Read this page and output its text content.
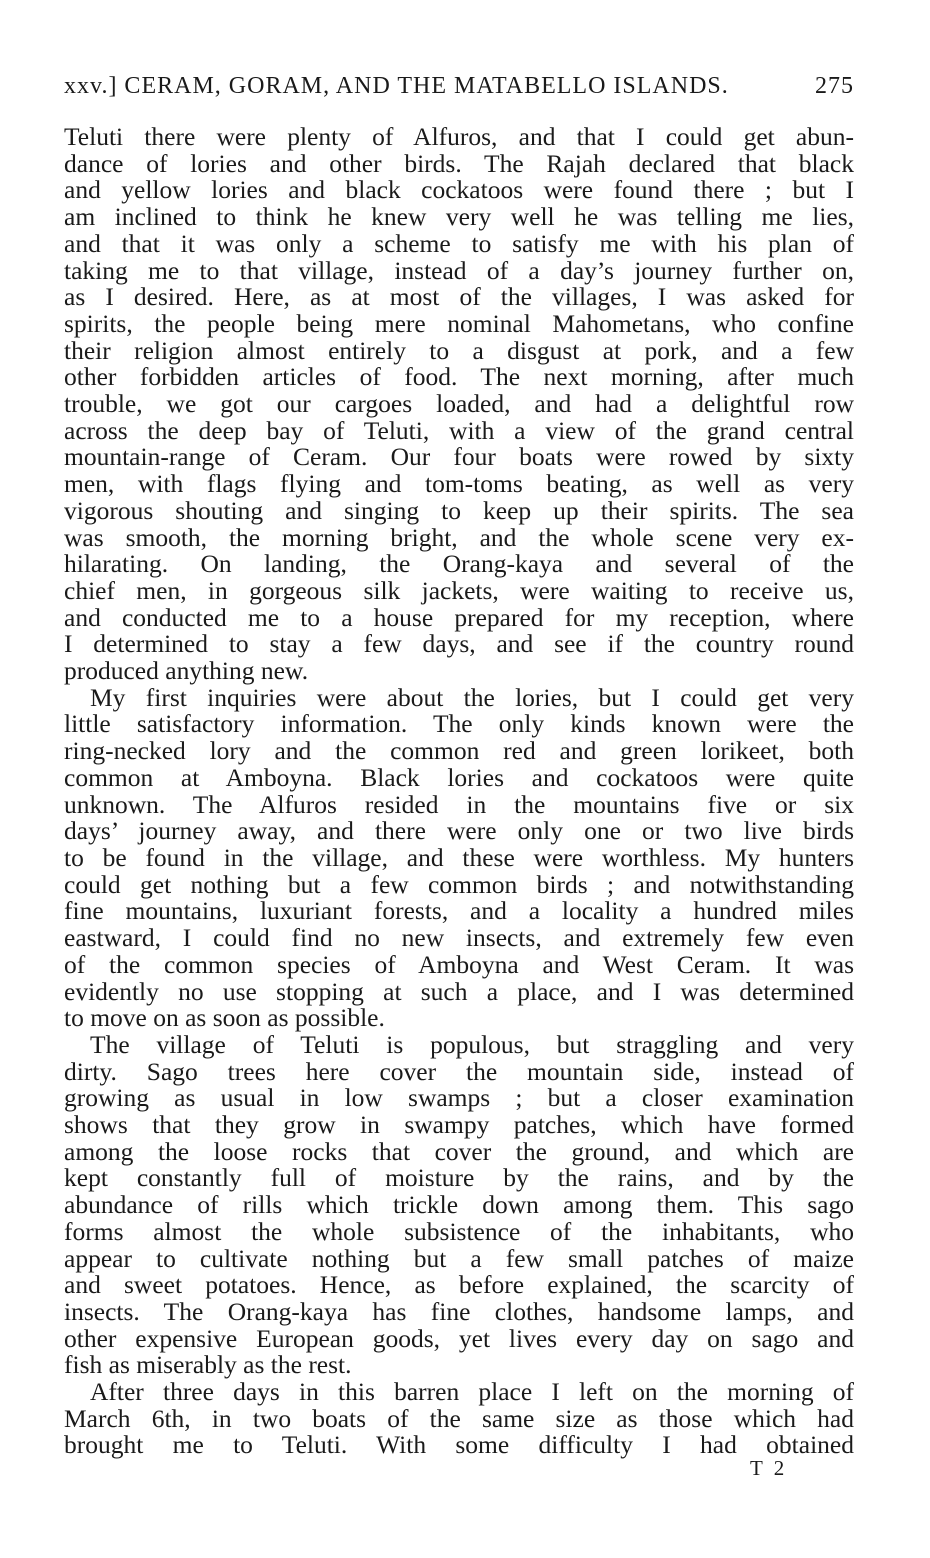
xxv.] CERAM, GORAM, AND THE MATABELLO ISLANDS.	275
Teluti there were plenty of Alfuros, and that I could get abun-
dance of lories and other birds. The Rajah declared that black
and yellow lories and black cockatoos were found there ; but I
am inclined to think he knew very well he was telling me lies,
and that it was only a scheme to satisfy me with his plan of
taking me to that village, instead of a day’s journey further on,
as I desired. Here, as at most of the villages, I was asked for
spirits, the people being mere nominal Mahometans, who confine
their religion almost entirely to a disgust at pork, and a few
other forbidden articles of food. The next morning, after much
trouble, we got our cargoes loaded, and had a delightful row
across the deep bay of Teluti, with a view of the grand central
mountain-range of Ceram. Our four boats were rowed by sixty
men, with flags flying and tom-toms beating, as well as very
vigorous shouting and singing to keep up their spirits. The sea
was smooth, the morning bright, and the whole scene very ex-
hilarating. On landing, the Orang-kaya and several of the
chief men, in gorgeous silk jackets, were waiting to receive us,
and conducted me to a house prepared for my reception, where
I determined to stay a few days, and see if the country round
produced anything new.
My first inquiries were about the lories, but I could get very
little satisfactory information. The only kinds known were the
ring-necked lory and the common red and green lorikeet, both
common at Amboyna. Black lories and cockatoos were quite
unknown. The Alfuros resided in the mountains five or six
days’ journey away, and there were only one or two live birds
to be found in the village, and these were worthless. My hunters
could get nothing but a few common birds ; and notwithstanding
fine mountains, luxuriant forests, and a locality a hundred miles
eastward, I could find no new insects, and extremely few even
of the common species of Amboyna and West Ceram. It was
evidently no use stopping at such a place, and I was determined
to move on as soon as possible.
The village of Teluti is populous, but straggling and very
dirty. Sago trees here cover the mountain side, instead of
growing as usual in low swamps ; but a closer examination
shows that they grow in swampy patches, which have formed
among the loose rocks that cover the ground, and which are
kept constantly full of moisture by the rains, and by the
abundance of rills which trickle down among them. This sago
forms almost the whole subsistence of the inhabitants, who
appear to cultivate nothing but a few small patches of maize
and sweet potatoes. Hence, as before explained, the scarcity of
insects. The Orang-kaya has fine clothes, handsome lamps, and
other expensive European goods, yet lives every day on sago and
fish as miserably as the rest.
After three days in this barren place I left on the morning of
March 6th, in two boats of the same size as those which had
brought me to Teluti. With some difficulty I had obtained
T 2
